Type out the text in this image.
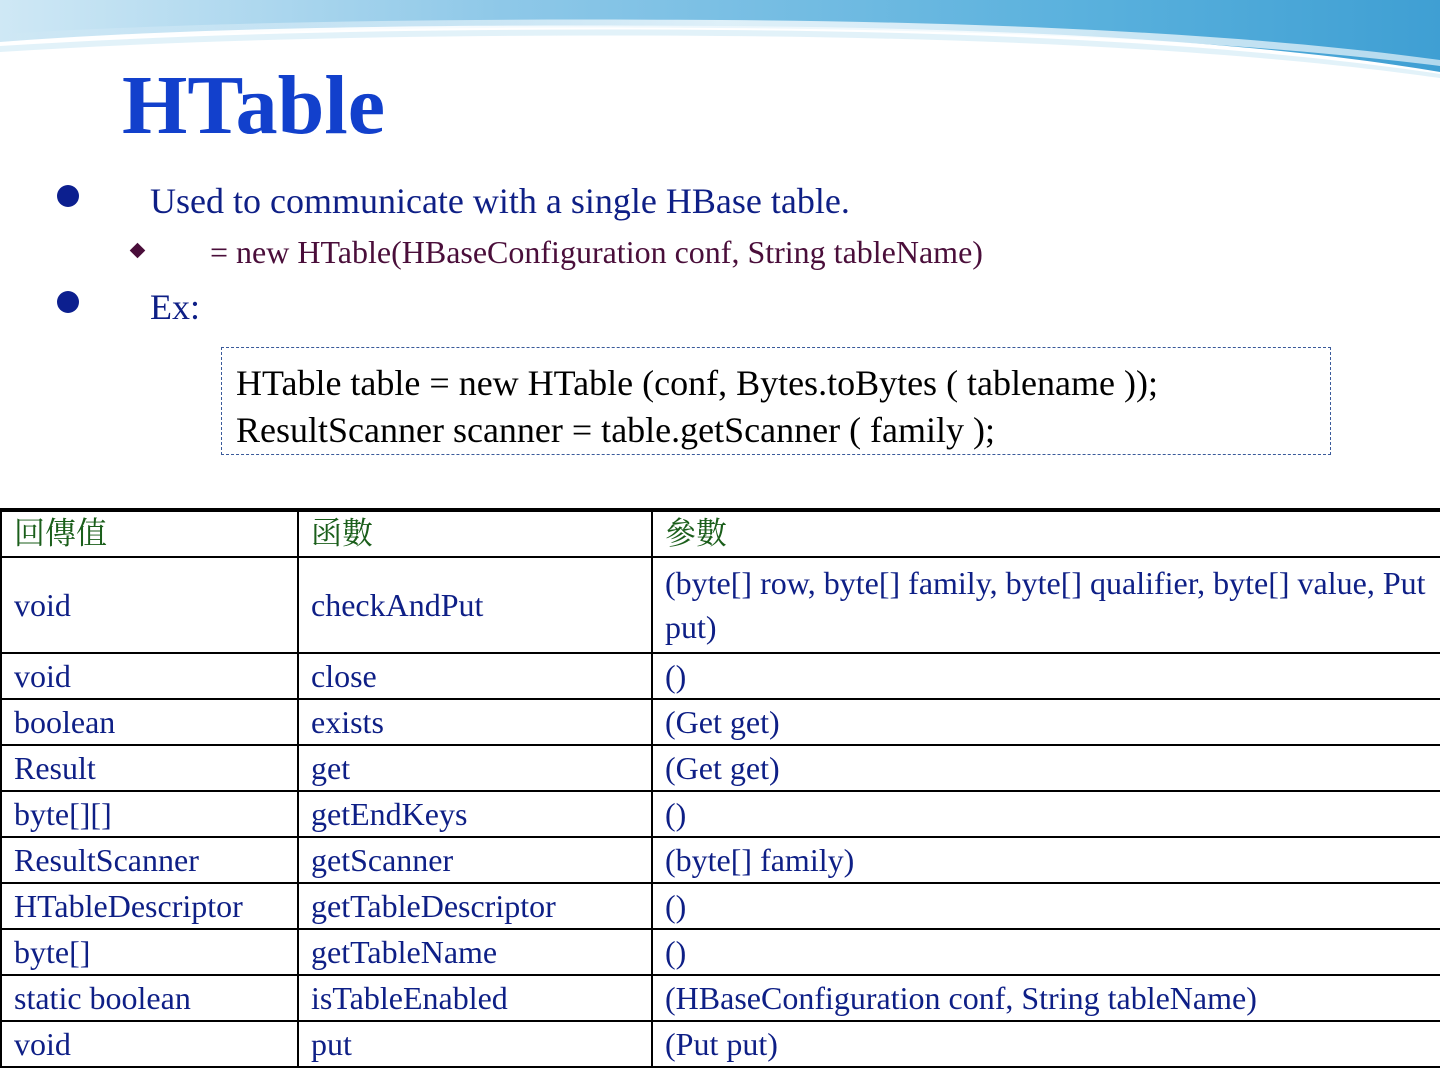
HTable
Used to communicate with a single HBase table.
= new HTable(HBaseConfiguration conf, String tableName)
Ex:
HTable table = new HTable (conf, Bytes.toBytes ( tablename ));
ResultScanner scanner = table.getScanner ( family );
回傳值	函數	參數
void	checkAndPut	(byte[] row, byte[] family, byte[] qualifier, byte[] value, Put put)
void	close	()
boolean	exists	(Get get)
Result	get	(Get get)
byte[][]	getEndKeys	()
ResultScanner	getScanner	(byte[] family)
HTableDescriptor	getTableDescriptor	()
byte[]	getTableName	()
static boolean	isTableEnabled	(HBaseConfiguration conf, String tableName)
void	put	(Put put)
